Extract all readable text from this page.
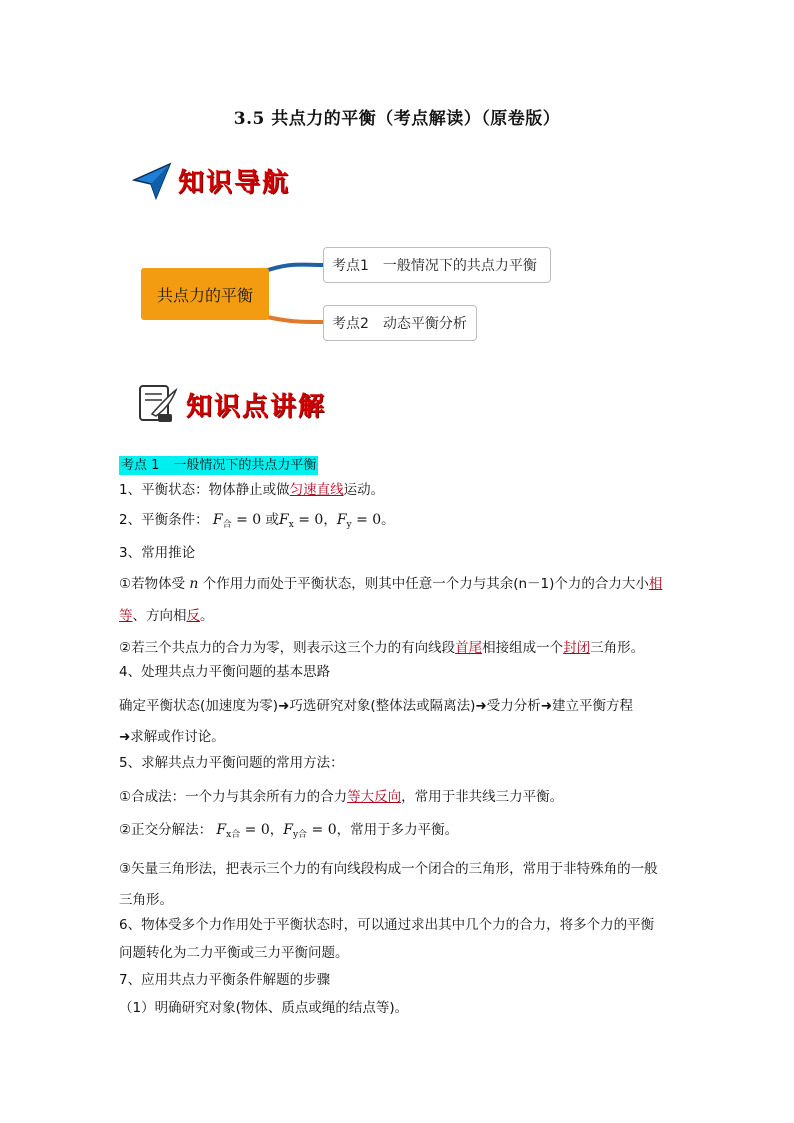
3.5 共点力的平衡（考点解读）（原卷版）
知识导航
共点力的平衡
考点1 一般情况下的共点力平衡
考点2 动态平衡分析
知识点讲解
考点 1 一般情况下的共点力平衡
1、平衡状态：物体静止或做匀速直线运动。
2、平衡条件： $F_合 = 0$ 或$F_x = 0$，$F_y = 0$。
3、常用推论
①若物体受 n 个作用力而处于平衡状态，则其中任意一个力与其余(n－1)个力的合力大小相
等、方向相反。
②若三个共点力的合力为零，则表示这三个力的有向线段首尾相接组成一个封闭三角形。
4、处理共点力平衡问题的基本思路
确定平衡状态(加速度为零)➜巧选研究对象(整体法或隔离法)➜受力分析➜建立平衡方程
➜求解或作讨论。
5、求解共点力平衡问题的常用方法：
①合成法：一个力与其余所有力的合力等大反向，常用于非共线三力平衡。
②正交分解法： $F_{x合} = 0$，$F_{y合} = 0$，常用于多力平衡。
③矢量三角形法，把表示三个力的有向线段构成一个闭合的三角形，常用于非特殊角的一般
三角形。
6、物体受多个力作用处于平衡状态时，可以通过求出其中几个力的合力，将多个力的平衡
问题转化为二力平衡或三力平衡问题。
7、应用共点力平衡条件解题的步骤
（1）明确研究对象(物体、质点或绳的结点等)。
